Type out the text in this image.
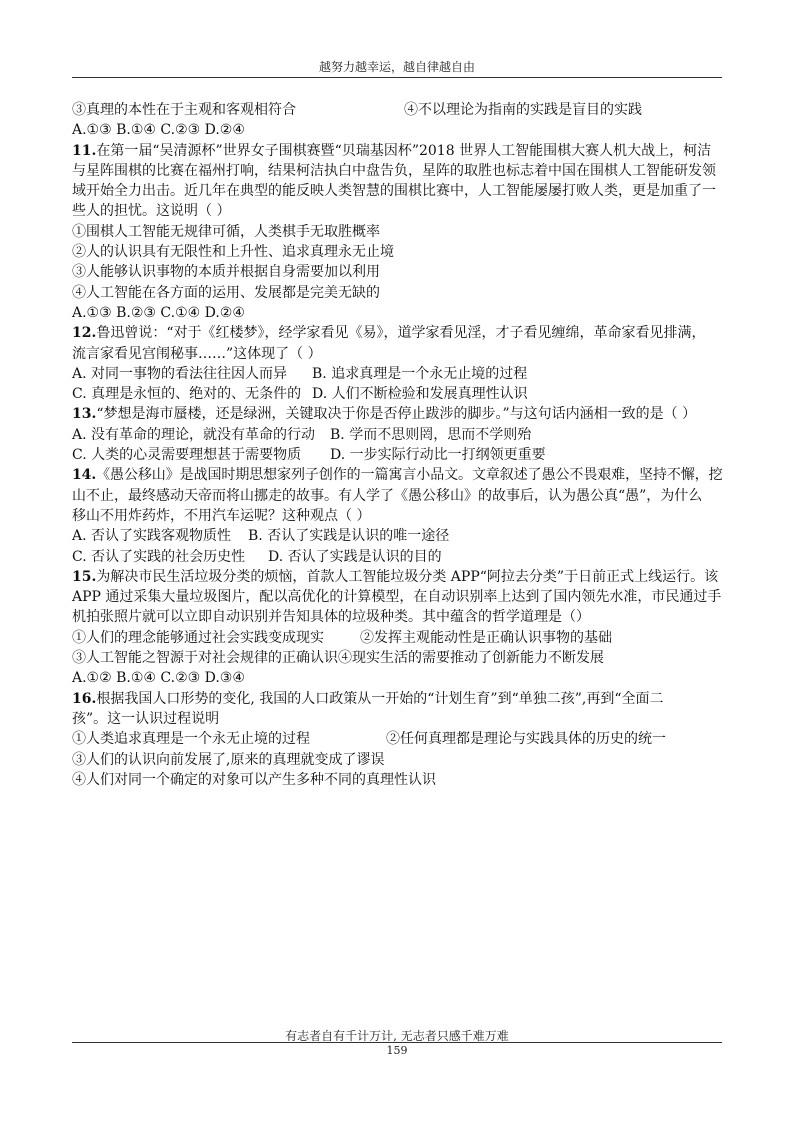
越努力越幸运，越自律越自由
③真理的本性在于主观和客观相符合	④不以理论为指南的实践是盲目的实践
A.①③ B.①④ C.②③ D.②④
11.在第一届“吴清源杯”世界女子围棋赛暨“贝瑞基因杯”2018 世界人工智能围棋大赛人机大战上，柯洁
与星阵围棋的比赛在福州打响，结果柯洁执白中盘告负，星阵的取胜也标志着中国在围棋人工智能研发领
域开始全力出击。近几年在典型的能反映人类智慧的围棋比赛中，人工智能屡屡打败人类，更是加重了一
些人的担忧。这说明（ ）
①围棋人工智能无规律可循，人类棋手无取胜概率
②人的认识具有无限性和上升性、追求真理永无止境
③人能够认识事物的本质并根据自身需要加以利用
④人工智能在各方面的运用、发展都是完美无缺的
A.①③ B.②③ C.①④ D.②④
12.鲁迅曾说：“对于《红楼梦》，经学家看见《易》，道学家看见淫，才子看见缠绵，革命家看见排满，
流言家看见宫闱秘事……”这体现了（ ）
A. 对同一事物的看法往往因人而异	B. 追求真理是一个永无止境的过程
C. 真理是永恒的、绝对的、无条件的 D. 人们不断检验和发展真理性认识
13.“梦想是海市蜃楼，还是绿洲，关键取决于你是否停止跋涉的脚步。”与这句话内涵相一致的是（ ）
A. 没有革命的理论，就没有革命的行动	B. 学而不思则罔，思而不学则殆
C. 人类的心灵需要理想甚于需要物质	D. 一步实际行动比一打纲领更重要
14.《愚公移山》是战国时期思想家列子创作的一篇寓言小品文。文章叙述了愚公不畏艰难，坚持不懈，挖
山不止，最终感动天帝而将山挪走的故事。有人学了《愚公移山》的故事后，认为愚公真“愚”，为什么
移山不用炸药炸，不用汽车运呢？这种观点（ ）
A. 否认了实践客观物质性	B. 否认了实践是认识的唯一途径
C. 否认了实践的社会历史性	D. 否认了实践是认识的目的
15.为解决市民生活垃圾分类的烦恼，首款人工智能垃圾分类 APP“阿拉去分类”于日前正式上线运行。该
APP 通过采集大量垃圾图片，配以高优化的计算模型，在自动识别率上达到了国内领先水准，市民通过手
机拍张照片就可以立即自动识别并告知具体的垃圾种类。其中蕴含的哲学道理是（）
①人们的理念能够通过社会实践变成现实	②发挥主观能动性是正确认识事物的基础
③人工智能之智源于对社会规律的正确认识④现实生活的需要推动了创新能力不断发展
A.①② B.①④ C.②③ D.③④
16.根据我国人口形势的变化, 我国的人口政策从一开始的“计划生育”到“单独二孩”,再到“全面二
孩”。这一认识过程说明
①人类追求真理是一个永无止境的过程	②任何真理都是理论与实践具体的历史的统一
③人们的认识向前发展了,原来的真理就变成了谬误
④人们对同一个确定的对象可以产生多种不同的真理性认识
有志者自有千计万计, 无志者只感千难万难
159
